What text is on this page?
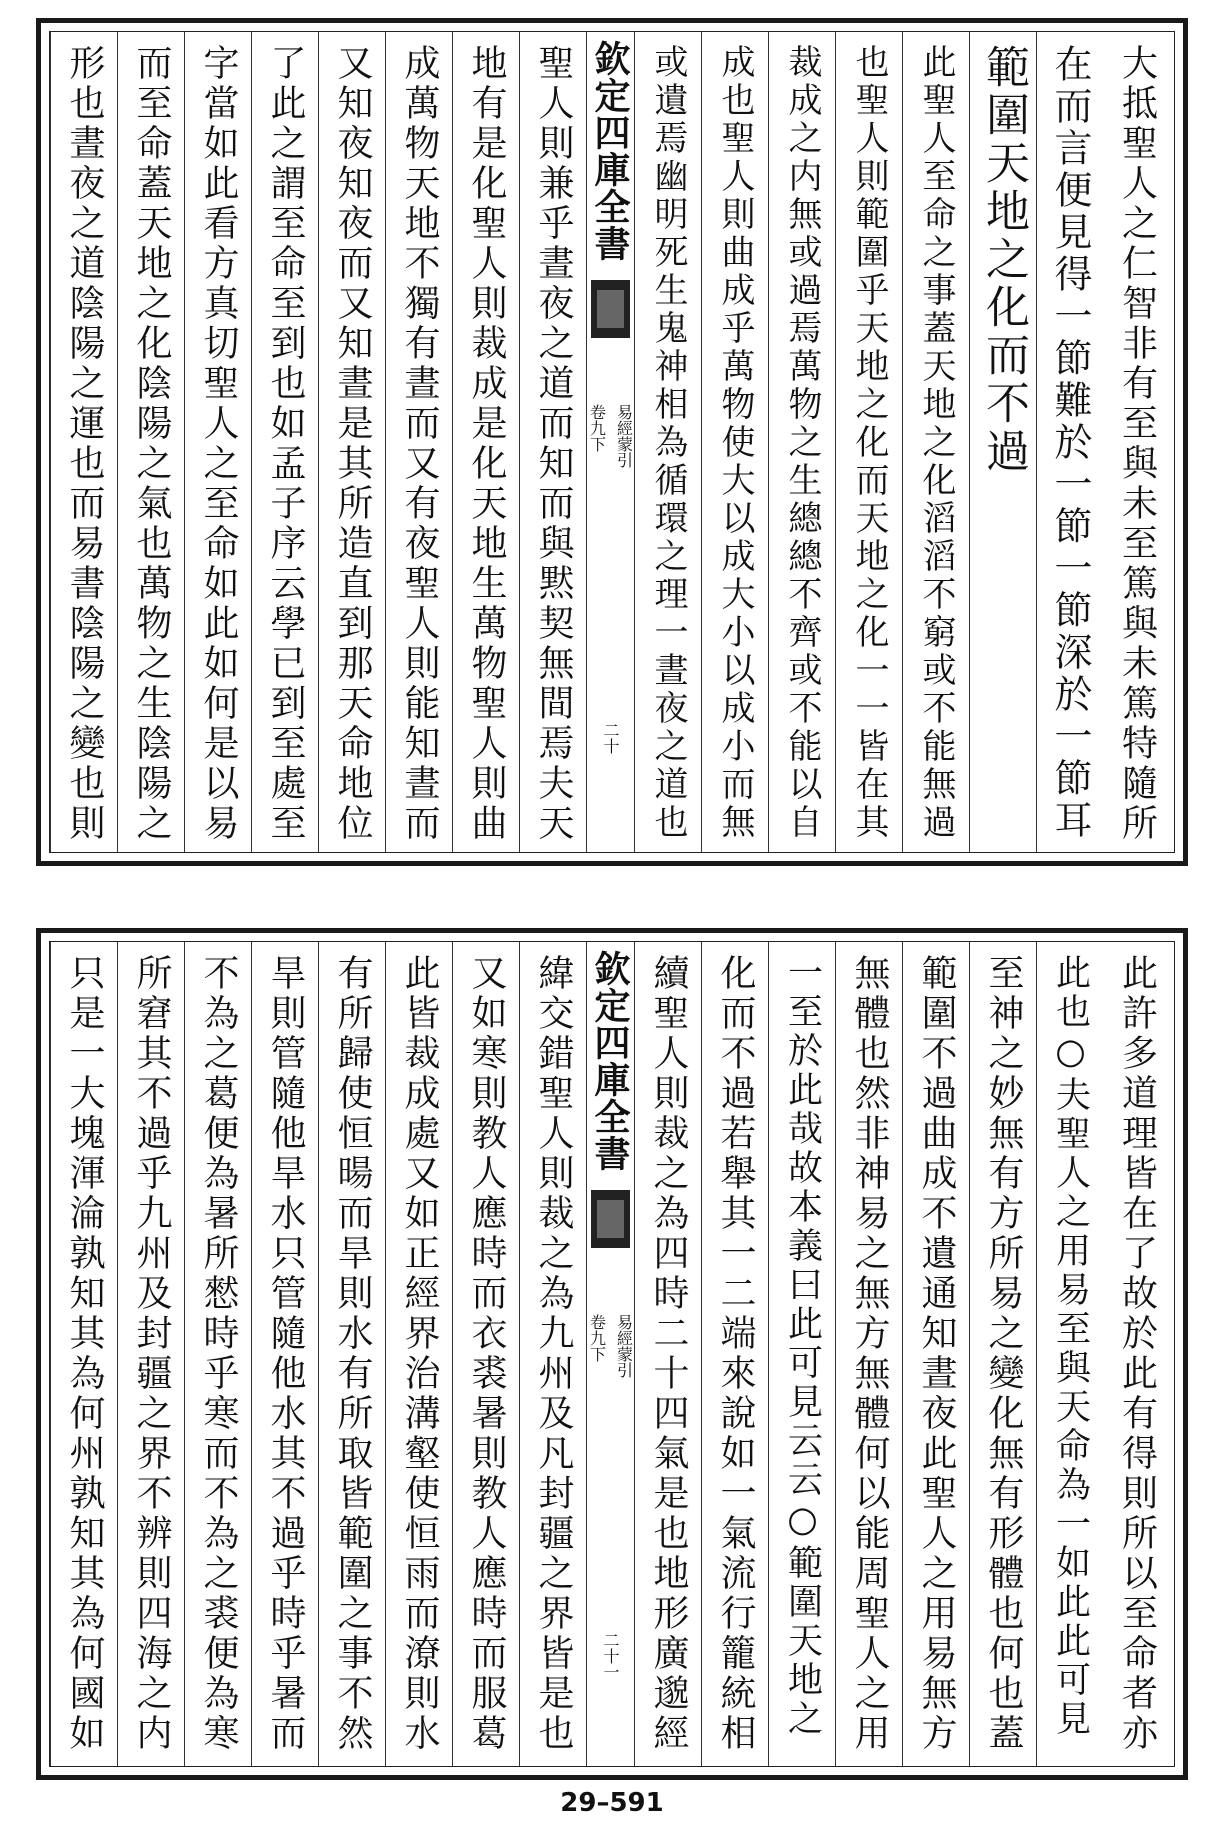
大抵聖人之仁智非有至與未至篤與未篤特隨所
在而言便見得一節難於一節一節深於一節耳
範圍天地之化而不過
此聖人至命之事蓋天地之化滔滔不窮或不能無過
也聖人則範圍乎天地之化而天地之化一一皆在其
裁成之内無或過焉萬物之生總總不齊或不能以自
成也聖人則曲成乎萬物使大以成大小以成小而無
或遺焉幽明死生鬼神相為循環之理一晝夜之道也
欽定四庫全書
易經蒙引
卷九下
二十
聖人則兼乎晝夜之道而知而與黙契無間焉夫天
地有是化聖人則裁成是化天地生萬物聖人則曲
成萬物天地不獨有晝而又有夜聖人則能知晝而
又知夜知夜而又知晝是其所造直到那天命地位
了此之謂至命至到也如孟子序云學已到至處至
字當如此看方真切聖人之至命如此如何是以易
而至命蓋天地之化陰陽之氣也萬物之生陰陽之
形也晝夜之道陰陽之運也而易書陰陽之變也則
此許多道理皆在了故於此有得則所以至命者亦
此也○夫聖人之用易至與天命為一如此此可見
至神之妙無有方所易之變化無有形體也何也蓋
範圍不過曲成不遺通知晝夜此聖人之用易無方
無體也然非神易之無方無體何以能周聖人之用
一至於此哉故本義曰此可見云云○範圍天地之
化而不過若舉其一二端來說如一氣流行籠統相
續聖人則裁之為四時二十四氣是也地形廣邈經
欽定四庫全書
易經蒙引
卷九下
二十一
緯交錯聖人則裁之為九州及凡封疆之界皆是也
又如寒則教人應時而衣裘暑則教人應時而服葛
此皆裁成處又如正經界治溝壑使恒雨而潦則水
有所歸使恒暘而旱則水有所取皆範圍之事不然
旱則管隨他旱水只管隨他水其不過乎時乎暑而
不為之葛便為暑所憖時乎寒而不為之裘便為寒
所窘其不過乎九州及封疆之界不辨則四海之内
只是一大塊渾淪孰知其為何州孰知其為何國如
29–591
